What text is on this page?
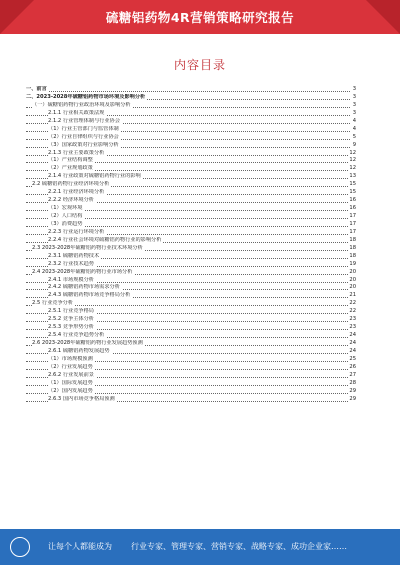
硫糖铝药物4R营销策略研究报告
内容目录
一、前言	3
二、2023-2028年硫糖铝药物市场环境及影响分析	3
（一）硫糖铝药物行业政治环境及影响分析	3
2.1.1 行业相关政策法规	3
2.1.2 行业管理体制与行业协会	4
（1）行业主管部门与监管体制	4
（2）行业自律组织与行业协会	5
（3）国家政策对行业影响分析	9
2.1.3 行业主要政策分析	12
（1）产业结构调整	12
（2）产业规划政策	12
2.1.4 行业政策对硫糖铝药物行业的影响	13
2.2 硫糖铝药物行业经济环境分析	15
2.2.1 行业经济环境分析	15
2.2.2 经济环境分析	16
（1）宏观环境	16
（2）人口结构	17
（3）消费趋势	17
2.2.3 行业运行环境分析	17
2.2.4 行业社会环境对硫糖铝药物行业的影响分析	18
2.3 2023-2028年硫糖铝药物行业技术环境分析	18
2.3.1 硫糖铝药物技术	18
2.3.2 行业技术趋势	19
2.4 2023-2028年硫糖铝药物行业市场分析	20
2.4.1 市场规模分析	20
2.4.2 硫糖铝药物市场需求分析	20
2.4.3 硫糖铝药物市场竞争格局分析	21
2.5 行业竞争分析	22
2.5.1 行业竞争格局	22
2.5.2 竞争主体分析	23
2.5.3 竞争形势分析	23
2.5.4 行业竞争趋势分析	24
2.6 2023-2028年硫糖铝药物行业发展趋势预测	24
2.6.1 硫糖铝药物发展趋势	24
（1）市场规模预测	25
（2）行业发展趋势	26
2.6.2 行业发展前景	27
（1）国际发展趋势	28
（2）国内发展趋势	29
2.6.3 国内市场竞争格局预测	29
让每个人都能成为 行业专家、管理专家、营销专家、战略专家、成功企业家……
